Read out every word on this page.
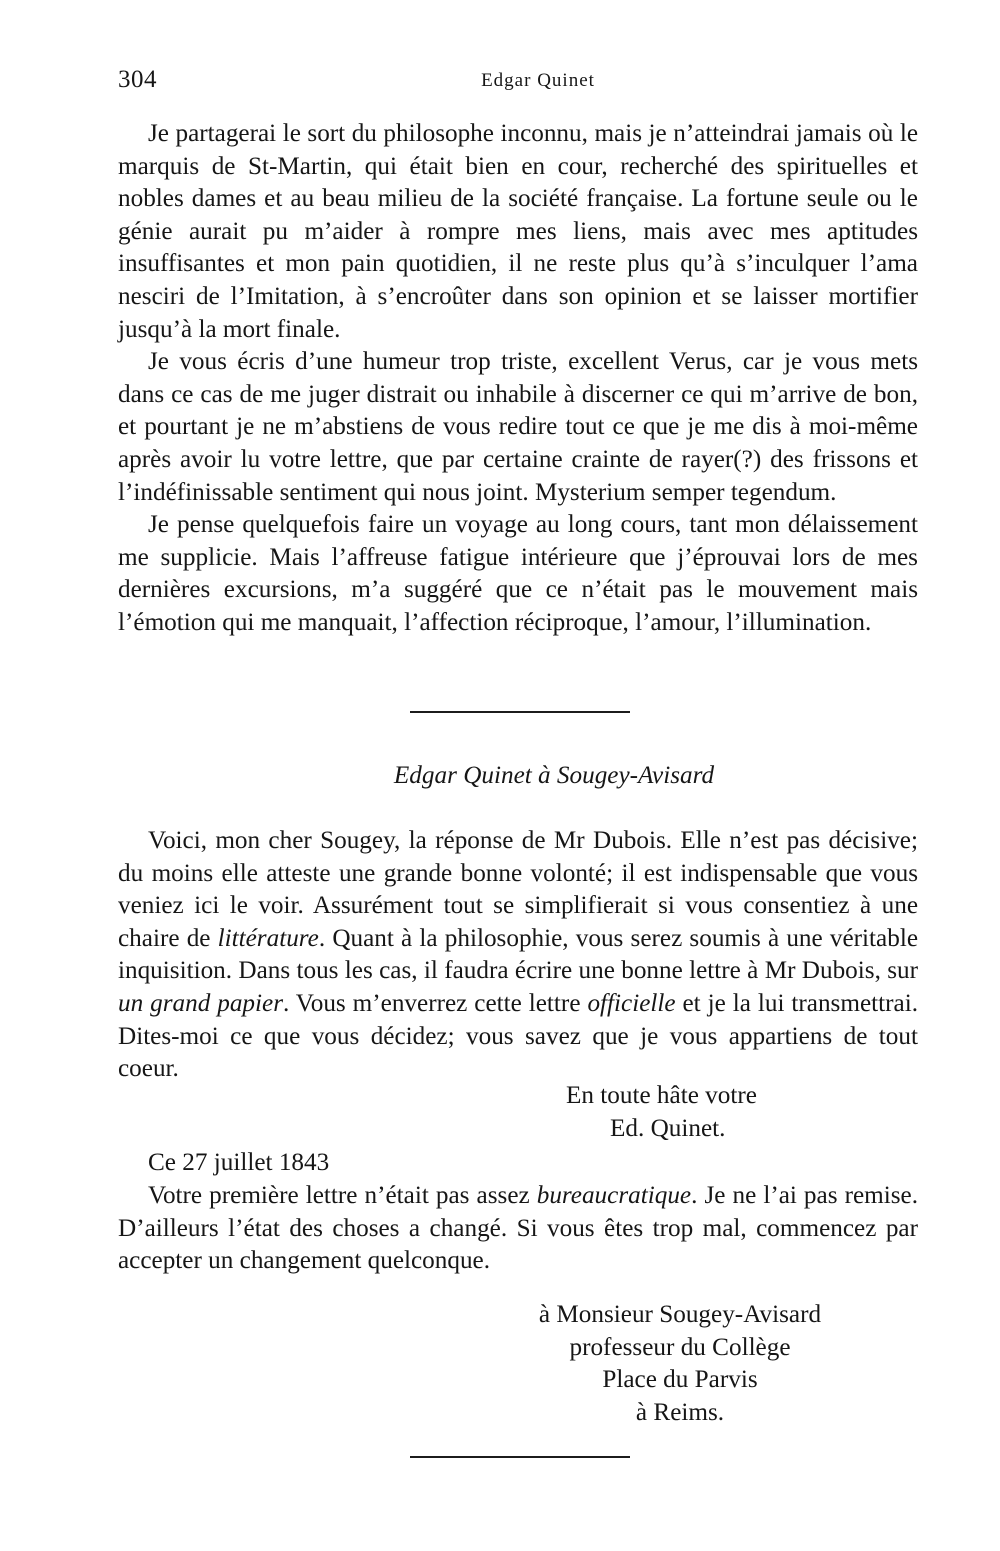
304	Edgar Quinet

Je partagerai le sort du philosophe inconnu, mais je n’atteindrai jamais où le marquis de St-Martin, qui était bien en cour, recherché des spirituelles et nobles dames et au beau milieu de la société française. La fortune seule ou le génie aurait pu m’aider à rompre mes liens, mais avec mes aptitudes insuffisantes et mon pain quotidien, il ne reste plus qu’à s’inculquer l’ama nesciri de l’Imitation, à s’encroûter dans son opinion et se laisser mortifier jusqu’à la mort finale.

Je vous écris d’une humeur trop triste, excellent Verus, car je vous mets dans ce cas de me juger distrait ou inhabile à discerner ce qui m’arrive de bon, et pourtant je ne m’abstiens de vous redire tout ce que je me dis à moi-même après avoir lu votre lettre, que par certaine crainte de rayer(?) des frissons et l’indéfinissable sentiment qui nous joint. Mysterium semper tegendum.

Je pense quelquefois faire un voyage au long cours, tant mon délaissement me supplicie. Mais l’affreuse fatigue intérieure que j’éprouvai lors de mes dernières excursions, m’a suggéré que ce n’était pas le mouvement mais l’émotion qui me manquait, l’affection réciproque, l’amour, l’illumination.

Edgar Quinet à Sougey-Avisard

Voici, mon cher Sougey, la réponse de Mr Dubois. Elle n’est pas décisive; du moins elle atteste une grande bonne volonté; il est indispensable que vous veniez ici le voir. Assurément tout se simplifierait si vous consentiez à une chaire de littérature. Quant à la philosophie, vous serez soumis à une véritable inquisition. Dans tous les cas, il faudra écrire une bonne lettre à Mr Dubois, sur un grand papier. Vous m’enverrez cette lettre officielle et je la lui transmettrai. Dites-moi ce que vous décidez; vous savez que je vous appartiens de tout coeur.

En toute hâte votre
Ed. Quinet.
Ce 27 juillet 1843

Votre première lettre n’était pas assez bureaucratique. Je ne l’ai pas remise. D’ailleurs l’état des choses a changé. Si vous êtes trop mal, commencez par accepter un changement quelconque.

à Monsieur Sougey-Avisard
professeur du Collège
Place du Parvis
à Reims.
